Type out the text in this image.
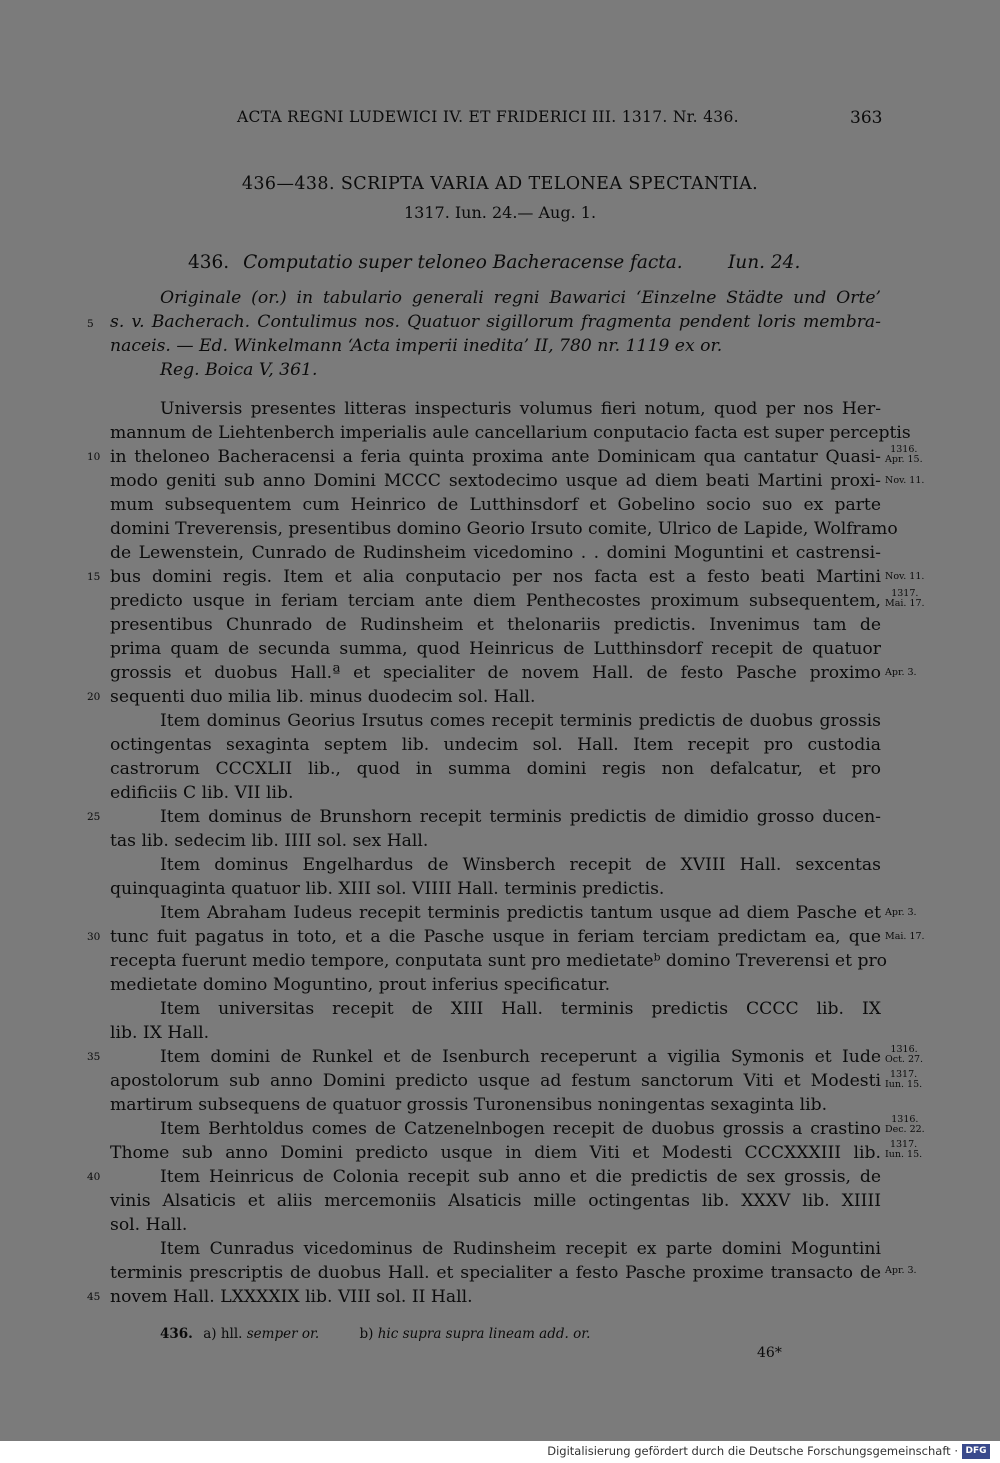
ACTA REGNI LUDEWICI IV. ET FRIDERICI III. 1317. Nr. 436.	363
436—438. SCRIPTA VARIA AD TELONEA SPECTANTIA.
1317. Iun. 24.— Aug. 1.
436. Computatio super teloneo Bacheracense facta. Iun. 24.
Originale (or.) in tabulario generali regni Bawarici ‘Einzelne Städte und Orte’
s. v. Bacherach. Contulimus nos. Quatuor sigillorum fragmenta pendent loris membra-
naceis. — Ed. Winkelmann ‘Acta imperii inedita’ II, 780 nr. 1119 ex or.
Reg. Boica V, 361.
Universis presentes litteras inspecturis volumus fieri notum, quod per nos Her-
mannum de Liehtenberch imperialis aule cancellarium conputacio facta est super perceptis
in theloneo Bacheracensi a feria quinta proxima ante Dominicam qua cantatur Quasi-
modo geniti sub anno Domini MCCC sextodecimo usque ad diem beati Martini proxi-
mum subsequentem cum Heinrico de Lutthinsdorf et Gobelino socio suo ex parte
domini Treverensis, presentibus domino Georio Irsuto comite, Ulrico de Lapide, Wolframo
de Lewenstein, Cunrado de Rudinsheim vicedomino . . domini Moguntini et castrensi-
bus domini regis. Item et alia conputacio per nos facta est a festo beati Martini
predicto usque in feriam terciam ante diem Penthecostes proximum subsequentem,
presentibus Chunrado de Rudinsheim et thelonariis predictis. Invenimus tam de
prima quam de secunda summa, quod Heinricus de Lutthinsdorf recepit de quatuor
grossis et duobus Hall.ª et specialiter de novem Hall. de festo Pasche proximo
sequenti duo milia lib. minus duodecim sol. Hall.
Item dominus Georius Irsutus comes recepit terminis predictis de duobus grossis
octingentas sexaginta septem lib. undecim sol. Hall. Item recepit pro custodia
castrorum CCCXLII lib., quod in summa domini regis non defalcatur, et pro
edificiis C lib. VII lib.
Item dominus de Brunshorn recepit terminis predictis de dimidio grosso ducen-
tas lib. sedecim lib. IIII sol. sex Hall.
Item dominus Engelhardus de Winsberch recepit de XVIII Hall. sexcentas
quinquaginta quatuor lib. XIII sol. VIIII Hall. terminis predictis.
Item Abraham Iudeus recepit terminis predictis tantum usque ad diem Pasche et
tunc fuit pagatus in toto, et a die Pasche usque in feriam terciam predictam ea, que
recepta fuerunt medio tempore, conputata sunt pro medietateᵇ domino Treverensi et pro
medietate domino Moguntino, prout inferius specificatur.
Item universitas recepit de XIII Hall. terminis predictis CCCC lib. IX
lib. IX Hall.
Item domini de Runkel et de Isenburch receperunt a vigilia Symonis et Iude
apostolorum sub anno Domini predicto usque ad festum sanctorum Viti et Modesti
martirum subsequens de quatuor grossis Turonensibus noningentas sexaginta lib.
Item Berhtoldus comes de Catzenelnbogen recepit de duobus grossis a crastino
Thome sub anno Domini predicto usque in diem Viti et Modesti CCCXXXIII lib.
Item Heinricus de Colonia recepit sub anno et die predictis de sex grossis, de
vinis Alsaticis et aliis mercemoniis Alsaticis mille octingentas lib. XXXV lib. XIIII
sol. Hall.
Item Cunradus vicedominus de Rudinsheim recepit ex parte domini Moguntini
terminis prescriptis de duobus Hall. et specialiter a festo Pasche proxime transacto de
novem Hall. LXXXXIX lib. VIII sol. II Hall.
5
10
15
20
25
30
35
40
45
1316.
Apr. 15.
Nov. 11.
Nov. 11.
1317.
Mai. 17.
Apr. 3.
Apr. 3.
Mai. 17.
1316.
Oct. 27.
1317.
Iun. 15.
1316.
Dec. 22.
1317.
Iun. 15.
Apr. 3.
436. a) hll. semper or.	b) hic supra supra lineam add. or.
46*
Digitalisierung gefördert durch die Deutsche Forschungsgemeinschaft · DFG
